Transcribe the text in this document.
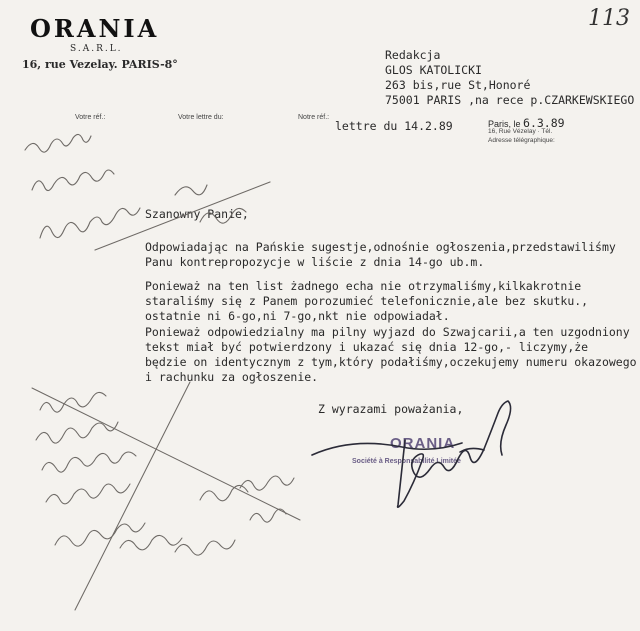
ORANIA
S.A.R.L.
16, rue Vezelay. PARIS-8°
113
Redakcja
GLOS KATOLICKI
263 bis,rue St,Honoré
75001 PARIS ,na rece p.CZARKEWSKIEGO
Votre réf.:	Votre lettre du:	Notre réf.:
lettre du 14.2.89	Paris, le 6.3.89
16, Rue Vézelay · Tél.
Adresse télégraphique:
Szanowny Panie,
Odpowiadając na Pańskie sugestje,odnośnie ogłoszenia,przedstawiliśmy
Panu kontrepropozycje w liście z dnia 14-go ub.m.
Ponieważ na ten list żadnego echa nie otrzymaliśmy,kilkakrotnie
staraliśmy się z Panem porozumieć telefonicznie,ale bez skutku.,
ostatnie ni 6-go,ni 7-go,nkt nie odpowiadał.
Ponieważ odpowiedzialny ma pilny wyjazd do Szwajcarii,a ten uzgodniony
tekst miał być potwierdzony i ukazać się dnia 12-go,- liczymy,że
będzie on identycznym z tym,który podałiśmy,oczekujemy numeru okazowego
i rachunku za ogłoszenie.
Z wyrazami poważania,
ORANIA
Société à Responsabilité Limitée
